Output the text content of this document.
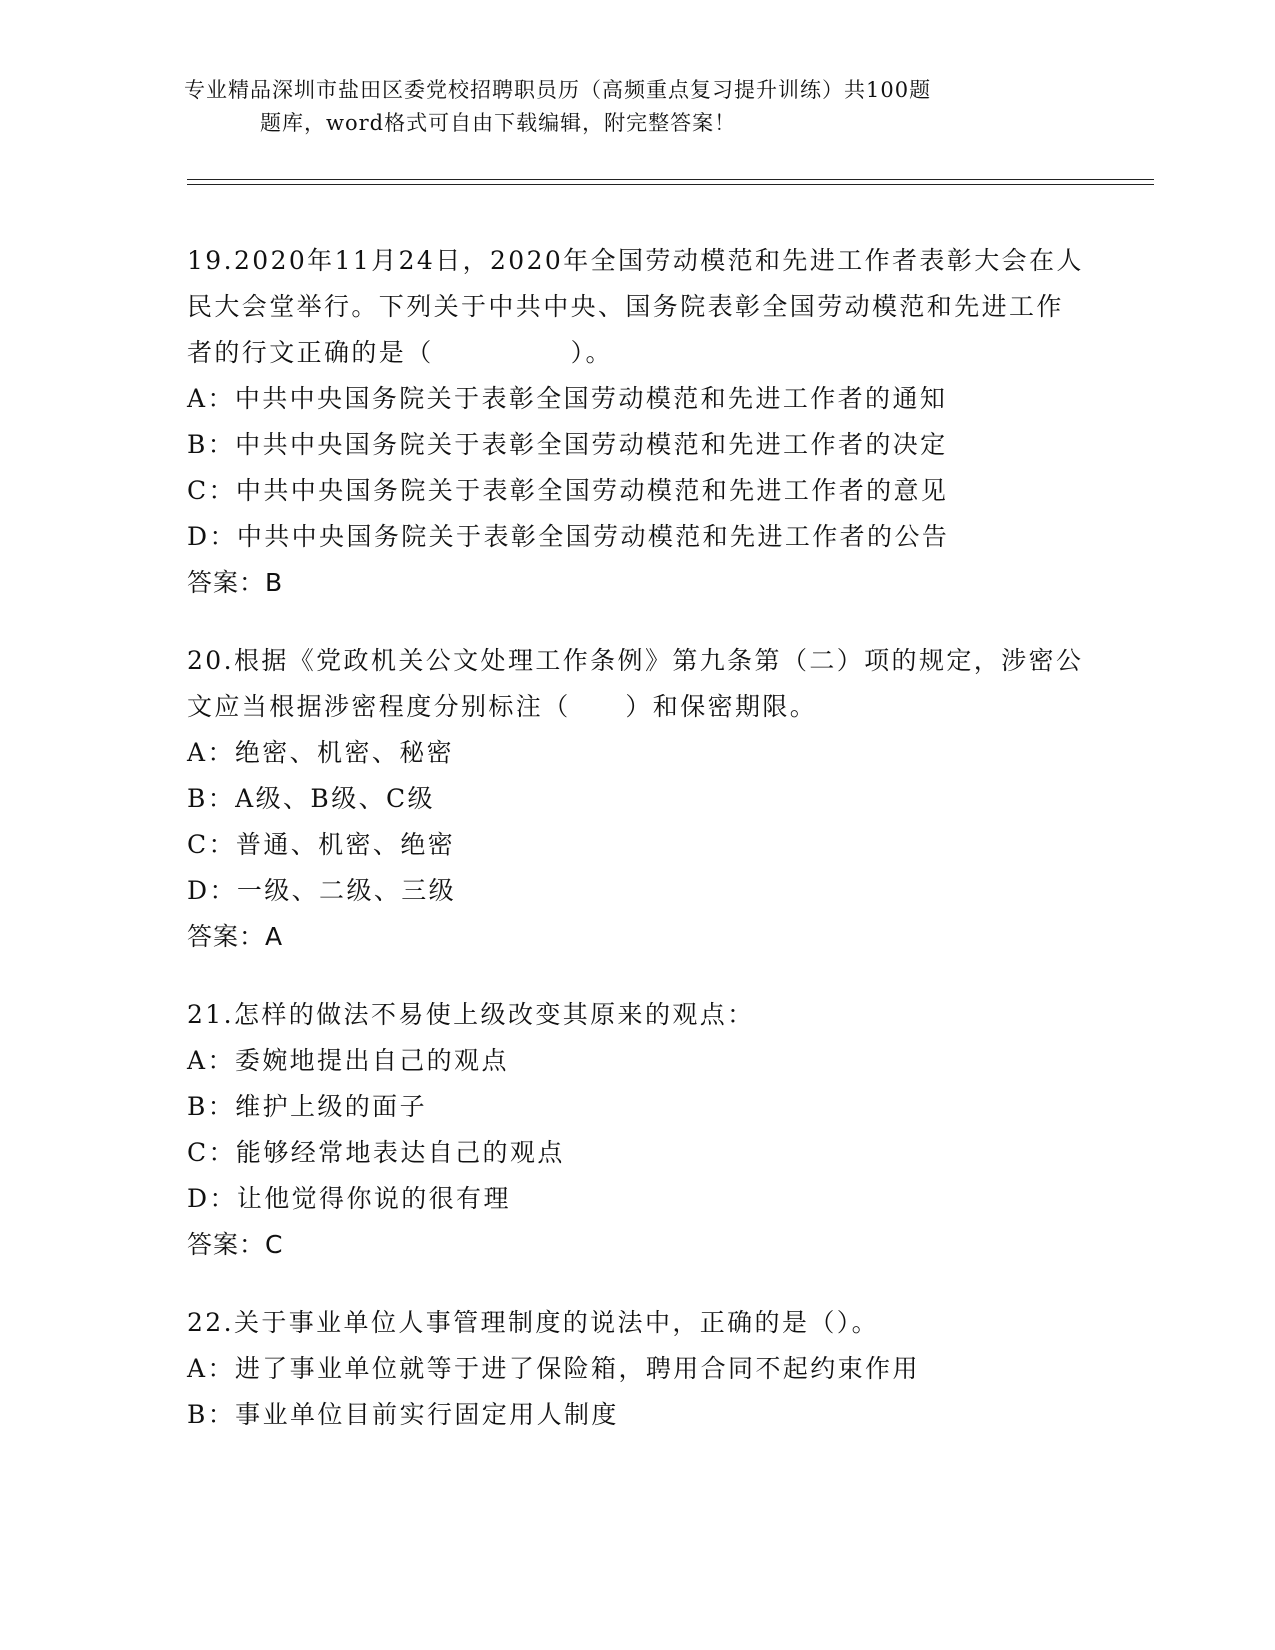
专业精品深圳市盐田区委党校招聘职员历（高频重点复习提升训练）共100题
题库，word格式可自由下载编辑，附完整答案！
19.2020年11月24日，2020年全国劳动模范和先进工作者表彰大会在人民大会堂举行。下列关于中共中央、国务院表彰全国劳动模范和先进工作者的行文正确的是（　　　　　）。
A：中共中央国务院关于表彰全国劳动模范和先进工作者的通知
B：中共中央国务院关于表彰全国劳动模范和先进工作者的决定
C：中共中央国务院关于表彰全国劳动模范和先进工作者的意见
D：中共中央国务院关于表彰全国劳动模范和先进工作者的公告
答案：B
20.根据《党政机关公文处理工作条例》第九条第（二）项的规定，涉密公文应当根据涉密程度分别标注（　　）和保密期限。
A：绝密、机密、秘密
B：A级、B级、C级
C：普通、机密、绝密
D：一级、二级、三级
答案：A
21.怎样的做法不易使上级改变其原来的观点：
A：委婉地提出自己的观点
B：维护上级的面子
C：能够经常地表达自己的观点
D：让他觉得你说的很有理
答案：C
22.关于事业单位人事管理制度的说法中，正确的是（）。
A：进了事业单位就等于进了保险箱，聘用合同不起约束作用
B：事业单位目前实行固定用人制度
